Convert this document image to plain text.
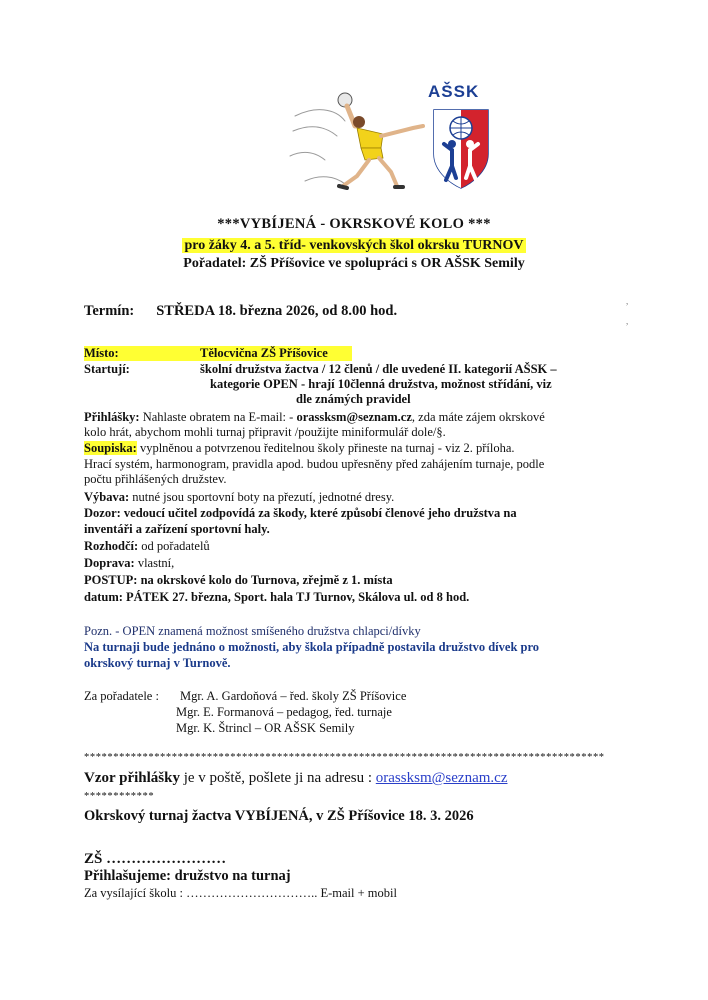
AŠSK
***VYBÍJENÁ - OKRSKOVÉ KOLO ***
pro žáky 4. a 5. tříd- venkovských škol okrsku TURNOV
Pořadatel: ZŠ Příšovice ve spolupráci s OR AŠSK Semily
Termín: STŘEDA 18. března 2026, od 8.00 hod.
,
,
Místo:	Tělocvična ZŠ Příšovice
Startují:	školní družstva žactva / 12 členů / dle uvedené II. kategorií AŠSK –
kategorie OPEN - hrají 10členná družstva, možnost střídání, viz
dle známých pravidel
Přihlášky: Nahlaste obratem na E-mail: - orassksm@seznam.cz, zda máte zájem okrskové
kolo hrát, abychom mohli turnaj připravit /použijte miniformulář dole/§.
Soupiska: vyplněnou a potvrzenou ředitelnou školy přineste na turnaj - viz 2. příloha.
Hrací systém, harmonogram, pravidla apod. budou upřesněny před zahájením turnaje, podle
počtu přihlášených družstev.
Výbava: nutné jsou sportovní boty na přezutí, jednotné dresy.
Dozor: vedoucí učitel zodpovídá za škody, které způsobí členové jeho družstva na
inventáři a zařízení sportovní haly.
Rozhodčí: od pořadatelů
Doprava: vlastní,
POSTUP: na okrskové kolo do Turnova, zřejmě z 1. místa
datum: PÁTEK 27. března, Sport. hala TJ Turnov, Skálova ul. od 8 hod.
Pozn. - OPEN znamená možnost smíšeného družstva chlapci/dívky
Na turnaji bude jednáno o možnosti, aby škola případně postavila družstvo dívek pro
okrskový turnaj v Turnově.
Za pořadatele : Mgr. A. Gardoňová – řed. školy ZŠ Příšovice
Mgr. E. Formanová – pedagog, řed. turnaje
Mgr. K. Štrincl – OR AŠSK Semily
*****************************************************************************************
Vzor přihlášky je v poště, pošlete ji na adresu : orassksm@seznam.cz
************
Okrskový turnaj žactva VYBÍJENÁ, v ZŠ Příšovice 18. 3. 2026
ZŠ ……………………
Přihlašujeme: družstvo na turnaj
Za vysílající školu : ………………………….. E-mail + mobil
